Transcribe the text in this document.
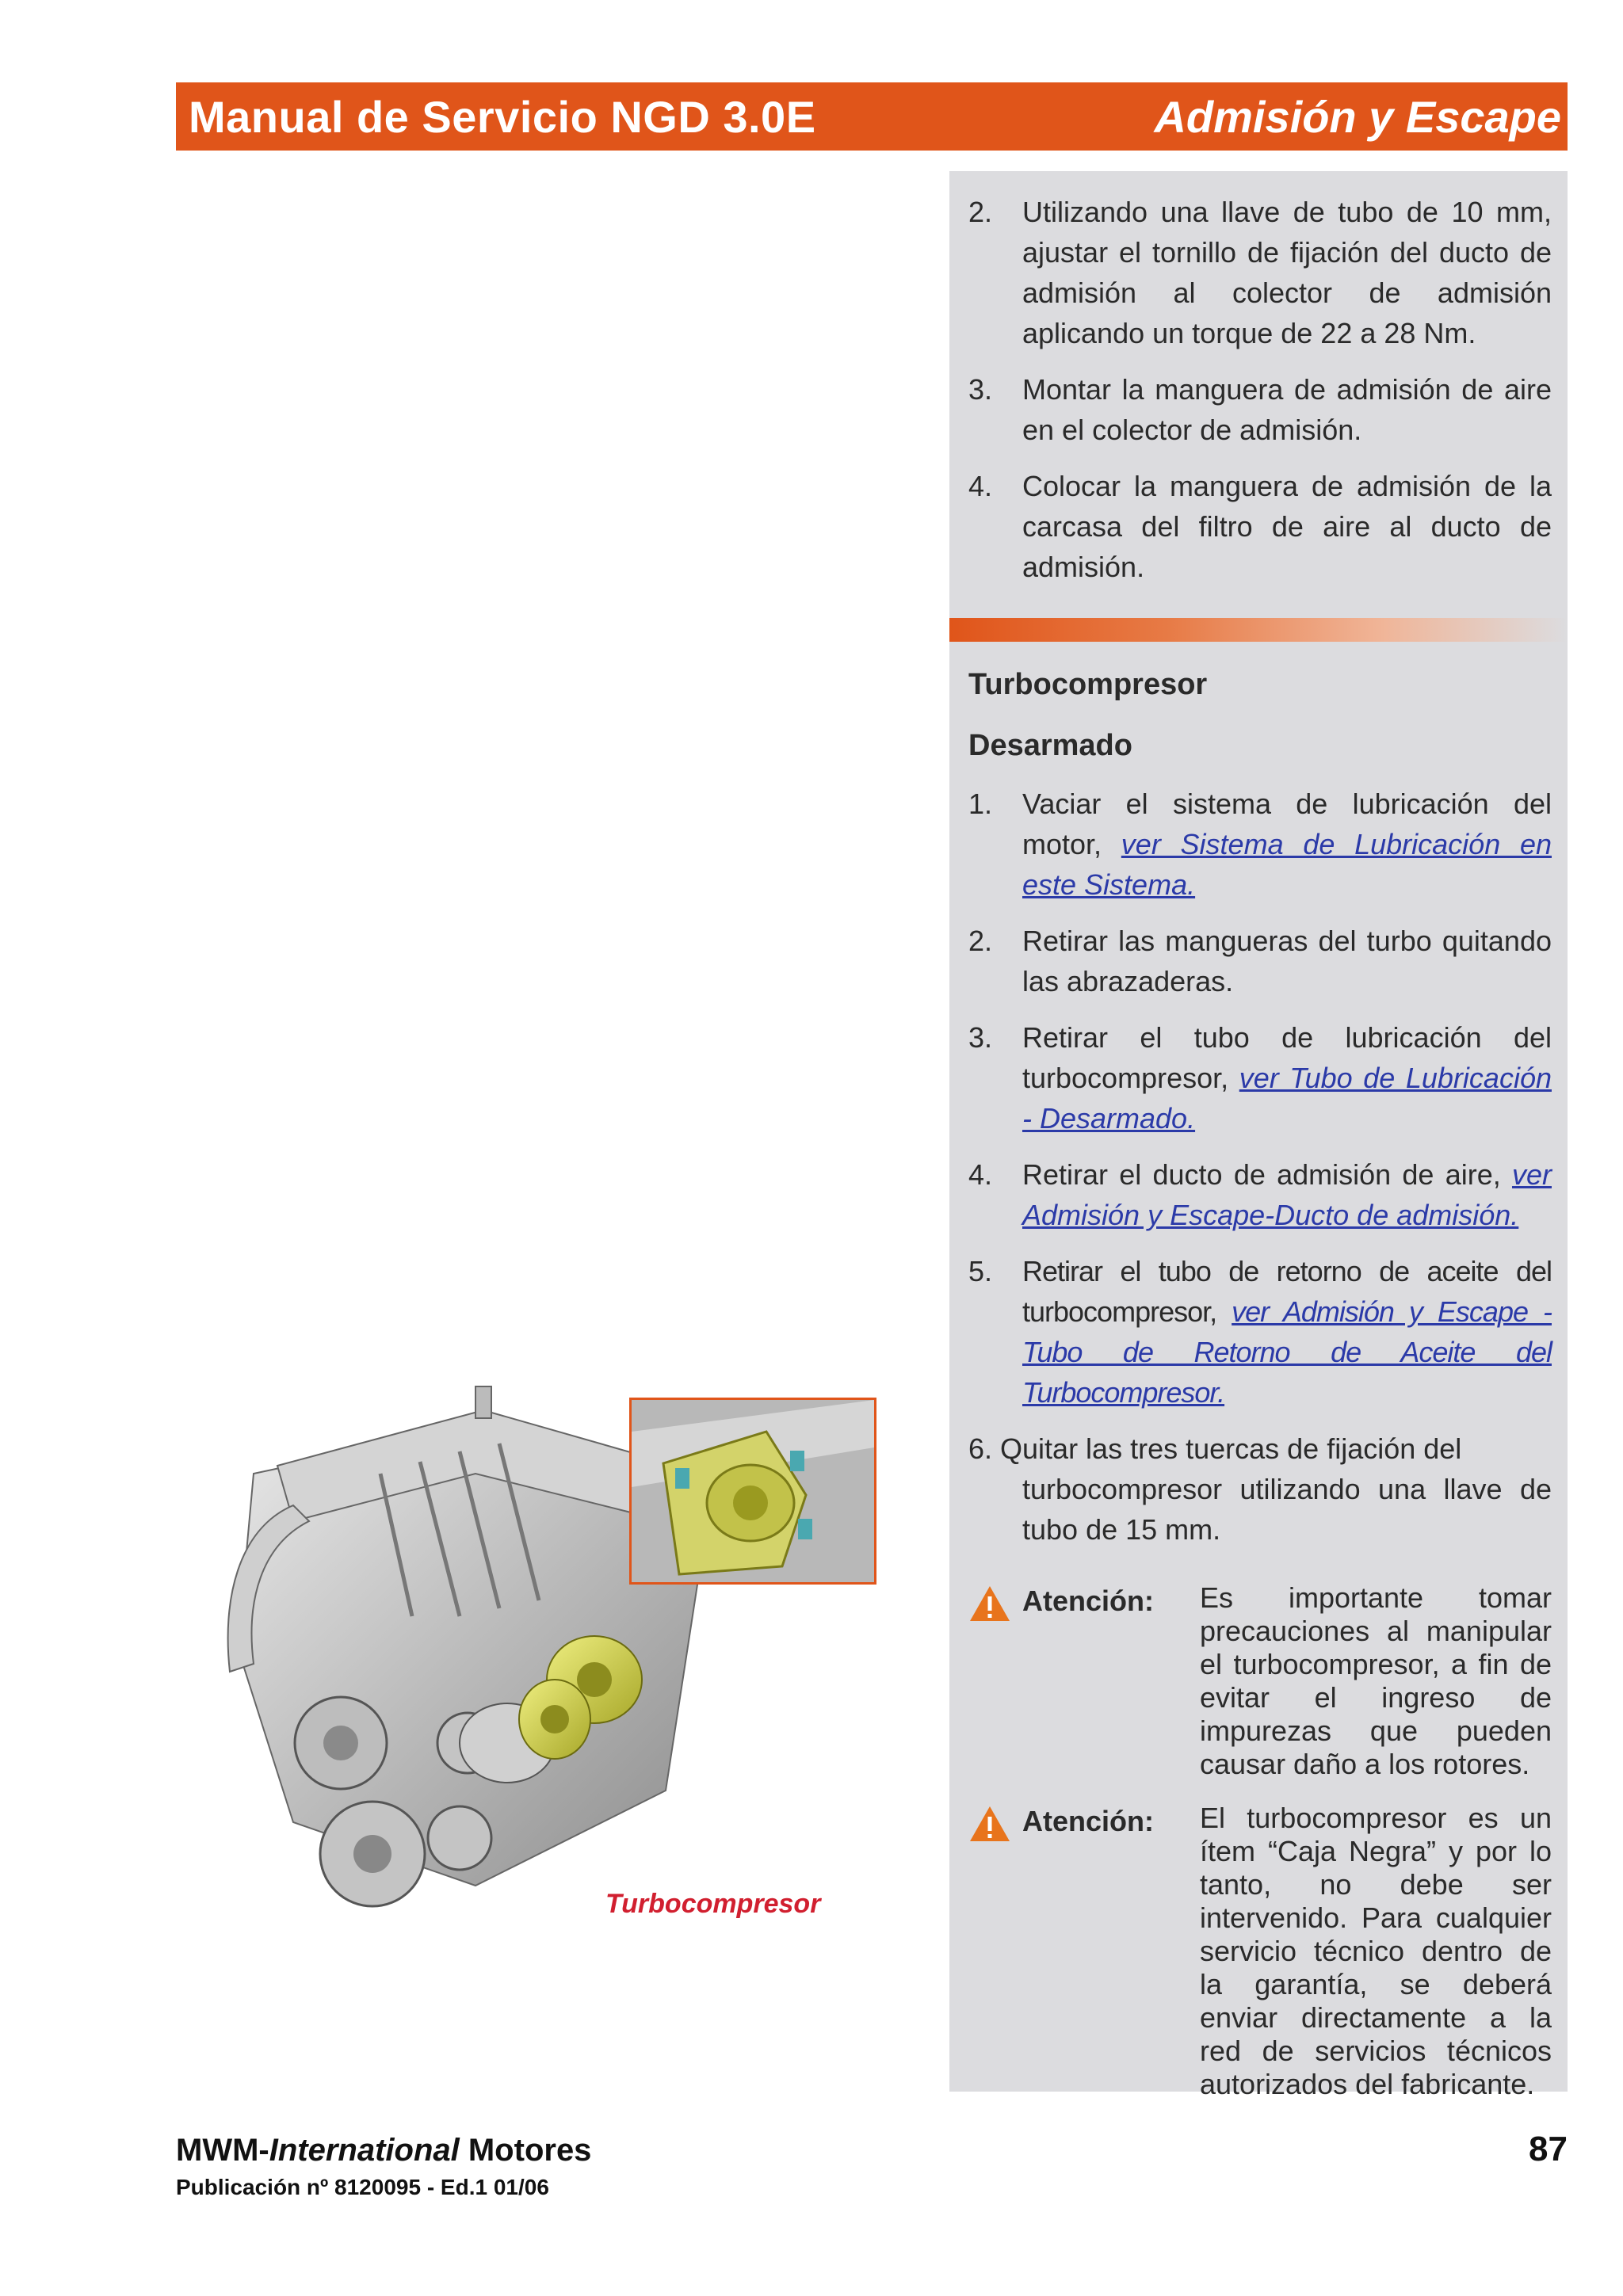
Manual de Servicio NGD 3.0E	Admisión y Escape
2.	Utilizando una llave de tubo de 10 mm, ajustar el tornillo de fijación del ducto de admisión al colector de admisión aplicando un torque de 22 a 28 Nm.
3.	Montar la manguera de admisión de aire en el colector de admisión.
4.	Colocar la manguera de admisión de la carcasa del filtro de aire al ducto de admisión.

Turbocompresor

Desarmado

1.	Vaciar el sistema de lubricación del motor, ver Sistema de Lubricación en este Sistema.
2.	Retirar las mangueras del turbo quitando las abrazaderas.
3.	Retirar el tubo de lubricación del turbocompresor, ver Tubo de Lubricación - Desarmado.
4.	Retirar el ducto de admisión de aire, ver Admisión y Escape-Ducto de admisión.
5.	Retirar el tubo de retorno de aceite del turbocompresor, ver Admisión y Escape - Tubo de Retorno de Aceite del Turbocompresor.
6. Quitar las tres tuercas de fijación del
turbocompresor utilizando una llave de tubo de 15 mm.
Atención:	Es importante tomar precauciones al manipular el turbocompresor, a fin de evitar el ingreso de impurezas que pueden causar daño a los rotores.
Atención:	El turbocompresor es un ítem “Caja Negra” y por lo tanto, no debe ser intervenido. Para cualquier servicio técnico dentro de la garantía, se deberá enviar directamente a la red de servicios técnicos autorizados del fabricante.
Turbocompresor
MWM-International Motores
Publicación nº 8120095 - Ed.1 01/06
87
